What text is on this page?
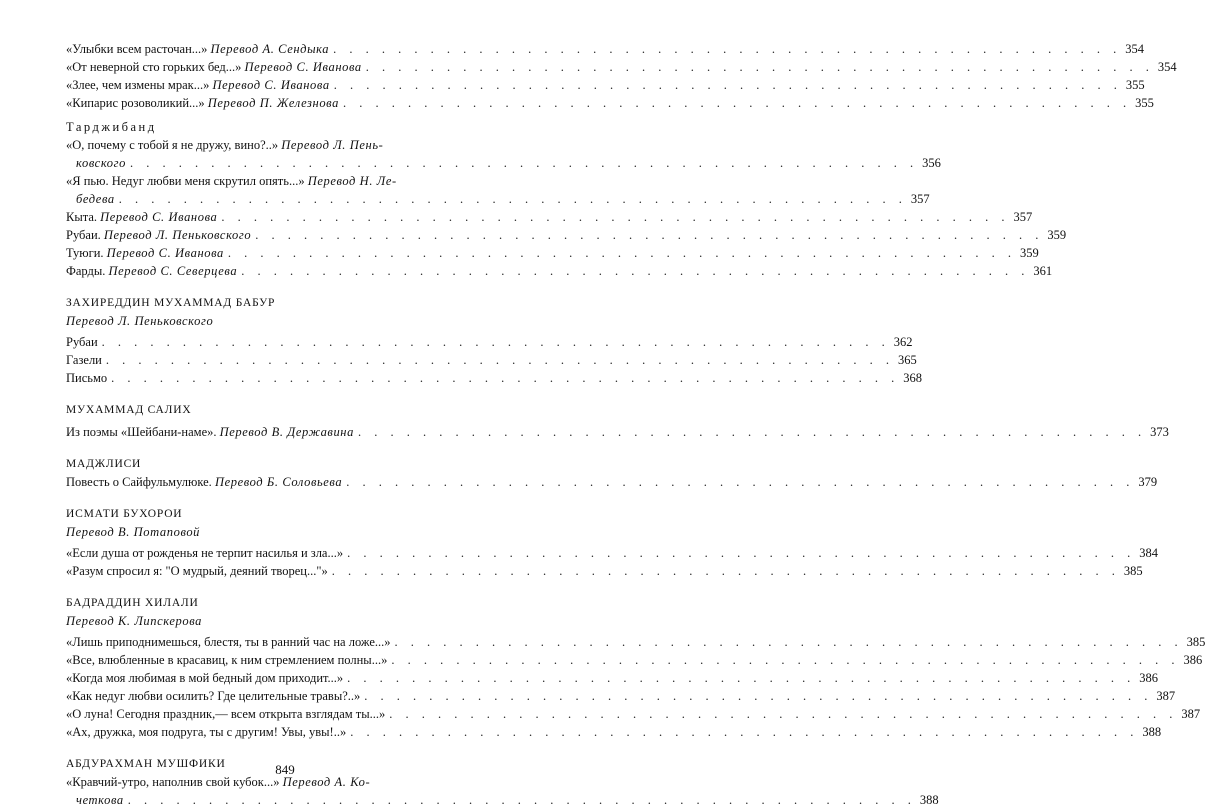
«Улыбки всем расточан...» Перевод А. Сендыка . . . . . . . . . . . . . . . . . . . . . . . . . . . . . . . . . . . . . . . . . . . . . . . . . 354
«От неверной сто горьких бед...» Перевод С. Иванова . . . . . . . . . . . . . . . . . . . . . . . . . . . . . . . . . . . . . . . . . . . . . . . . . 354
«Злее, чем измены мрак...» Перевод С. Иванова . . . . . . . . . . . . . . . . . . . . . . . . . . . . . . . . . . . . . . . . . . . . . . . . . 355
«Кипарис розоволикий...» Перевод П. Железнова . . . . . . . . . . . . . . . . . . . . . . . . . . . . . . . . . . . . . . . . . . . . . . . . . 355
Тарджибанд
«О, почему с тобой я не дружу, вино?..» Перевод Л. Пень-
ковского . . . . . . . . . . . . . . . . . . . . . . . . . . . . . . . . . . . . . . . . . . . . . . . . . 356
«Я пью. Недуг любви меня скрутил опять...» Перевод Н. Ле-
бедева . . . . . . . . . . . . . . . . . . . . . . . . . . . . . . . . . . . . . . . . . . . . . . . . . 357
Кыта. Перевод С. Иванова . . . . . . . . . . . . . . . . . . . . . . . . . . . . . . . . . . . . . . . . . . . . . . . . . 357
Рубаи. Перевод Л. Пеньковского . . . . . . . . . . . . . . . . . . . . . . . . . . . . . . . . . . . . . . . . . . . . . . . . . 359
Туюги. Перевод С. Иванова . . . . . . . . . . . . . . . . . . . . . . . . . . . . . . . . . . . . . . . . . . . . . . . . . 359
Фарды. Перевод С. Северцева . . . . . . . . . . . . . . . . . . . . . . . . . . . . . . . . . . . . . . . . . . . . . . . . . 361
ЗАХИРЕДДИН МУХАММАД БАБУР
Перевод Л. Пеньковского
Рубаи . . . . . . . . . . . . . . . . . . . . . . . . . . . . . . . . . . . . . . . . . . . . . . . . . 362
Газели . . . . . . . . . . . . . . . . . . . . . . . . . . . . . . . . . . . . . . . . . . . . . . . . . 365
Письмо . . . . . . . . . . . . . . . . . . . . . . . . . . . . . . . . . . . . . . . . . . . . . . . . . 368
МУХАММАД САЛИХ
Из поэмы «Шейбани-наме». Перевод В. Державина . . . . . . . . . . . . . . . . . . . . . . . . . . . . . . . . . . . . . . . . . . . . . . . . . 373
МАДЖЛИСИ
Повесть о Сайфульмулюке. Перевод Б. Соловьева . . . . . . . . . . . . . . . . . . . . . . . . . . . . . . . . . . . . . . . . . . . . . . . . . 379
ИСМАТИ БУХОРОИ
Перевод В. Потаповой
«Если душа от рожденья не терпит насилья и зла...» . . . . . . . . . . . . . . . . . . . . . . . . . . . . . . . . . . . . . . . . . . . . . . . . . 384
«Разум спросил я: "О мудрый, деяний творец..."» . . . . . . . . . . . . . . . . . . . . . . . . . . . . . . . . . . . . . . . . . . . . . . . . . 385
БАДРАДДИН ХИЛАЛИ
Перевод К. Липскерова
«Лишь приподнимешься, блестя, ты в ранний час на ложе...» . . . . . . . . . . . . . . . . . . . . . . . . . . . . . . . . . . . . . . . . . . . . . . . . . 385
«Все, влюбленные в красавиц, к ним стремлением полны...» . . . . . . . . . . . . . . . . . . . . . . . . . . . . . . . . . . . . . . . . . . . . . . . . . 386
«Когда моя любимая в мой бедный дом приходит...» . . . . . . . . . . . . . . . . . . . . . . . . . . . . . . . . . . . . . . . . . . . . . . . . . 386
«Как недуг любви осилить? Где целительные травы?..» . . . . . . . . . . . . . . . . . . . . . . . . . . . . . . . . . . . . . . . . . . . . . . . . . 387
«О луна! Сегодня праздник,— всем открыта взглядам ты...» . . . . . . . . . . . . . . . . . . . . . . . . . . . . . . . . . . . . . . . . . . . . . . . . . 387
«Ах, дружка, моя подруга, ты с другим! Увы, увы!..» . . . . . . . . . . . . . . . . . . . . . . . . . . . . . . . . . . . . . . . . . . . . . . . . . 388
АБДУРАХМАН МУШФИКИ
«Кравчий-утро, наполнив свой кубок...» Перевод А. Ко-
четкова . . . . . . . . . . . . . . . . . . . . . . . . . . . . . . . . . . . . . . . . . . . . . . . . . 388
849
